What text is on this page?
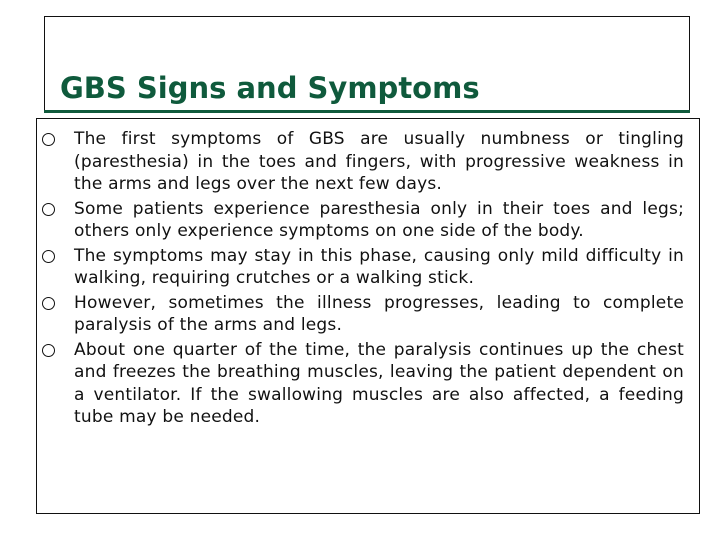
GBS Signs and Symptoms
The first symptoms of GBS are usually numbness or tingling (paresthesia) in the toes and fingers, with progressive weakness in the arms and legs over the next few days.
Some patients experience paresthesia only in their toes and legs; others only experience symptoms on one side of the body.
The symptoms may stay in this phase, causing only mild difficulty in walking, requiring crutches or a walking stick.
However, sometimes the illness progresses, leading to complete paralysis of the arms and legs.
About one quarter of the time, the paralysis continues up the chest and freezes the breathing muscles, leaving the patient dependent on a ventilator. If the swallowing muscles are also affected, a feeding tube may be needed.
